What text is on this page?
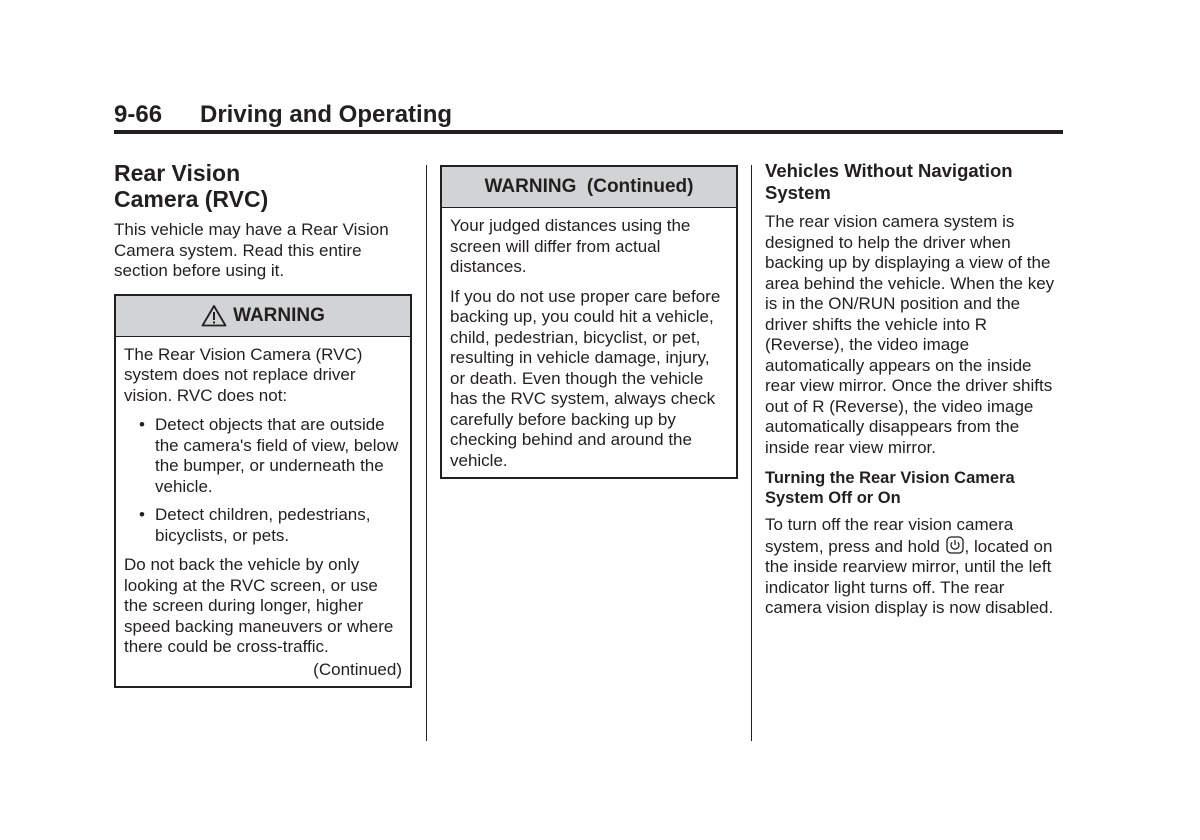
9-66 Driving and Operating
Rear Vision
Camera (RVC)

This vehicle may have a Rear Vision Camera system. Read this entire section before using it.

WARNING

The Rear Vision Camera (RVC) system does not replace driver vision. RVC does not:

• Detect objects that are outside the camera's field of view, below the bumper, or underneath the vehicle.
• Detect children, pedestrians, bicyclists, or pets.

Do not back the vehicle by only looking at the RVC screen, or use the screen during longer, higher speed backing maneuvers or where there could be cross-traffic.

(Continued)
WARNING  (Continued)

Your judged distances using the screen will differ from actual distances.

If you do not use proper care before backing up, you could hit a vehicle, child, pedestrian, bicyclist, or pet, resulting in vehicle damage, injury, or death. Even though the vehicle has the RVC system, always check carefully before backing up by checking behind and around the vehicle.

Vehicles Without Navigation System

The rear vision camera system is designed to help the driver when backing up by displaying a view of the area behind the vehicle. When the key is in the ON/RUN position and the driver shifts the vehicle into R (Reverse), the video image automatically appears on the inside rear view mirror. Once the driver shifts out of R (Reverse), the video image automatically disappears from the inside rear view mirror.

Turning the Rear Vision Camera System Off or On

To turn off the rear vision camera system, press and hold , located on the inside rearview mirror, until the left indicator light turns off. The rear camera vision display is now disabled.
